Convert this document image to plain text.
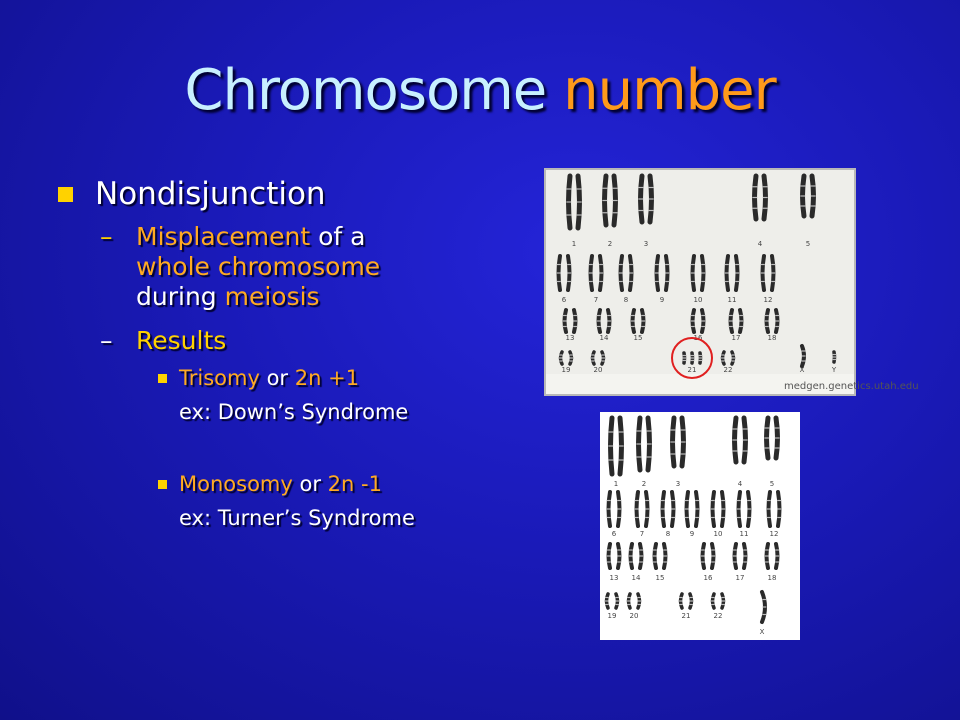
Chromosome number
Nondisjunction
– Misplacement of a
whole chromosome
during meiosis
– Results
Trisomy or 2n +1
ex: Down’s Syndrome
Monosomy or 2n -1
ex: Turner’s Syndrome
medgen.genetics.utah.edu
1	2	3	4	5
6	7	8	9	10	11	12
13	14	15	16	17	18
19	20	21	22	X	Y
1	2	3	4	5
6	7	8	9	10 11	12
13 14 15	16	17	18
19 20	21	22
X
